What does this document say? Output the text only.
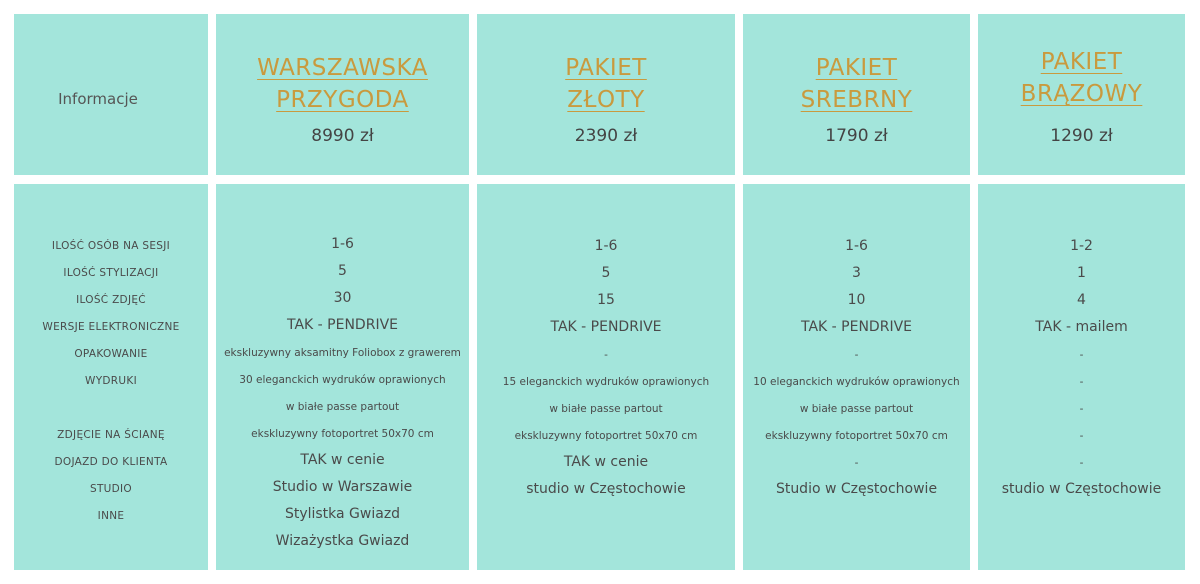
Informacje
WARSZAWSKA
PRZYGODA
8990 zł
PAKIET
ZŁOTY
2390 zł
PAKIET
SREBRNY
1790 zł
PAKIET
BRĄZOWY
1290 zł
ILOŚĆ OSÓB NA SESJI
ILOŚĆ STYLIZACJI
ILOŚĆ ZDJĘĆ
WERSJE ELEKTRONICZNE
OPAKOWANIE
WYDRUKI
ZDJĘCIE NA ŚCIANĘ
DOJAZD DO KLIENTA
STUDIO
INNE
1-6
5
30
TAK - PENDRIVE
ekskluzywny aksamitny Foliobox z grawerem
30 eleganckich wydruków oprawionych
w białe passe partout
ekskluzywny fotoportret 50x70 cm
TAK w cenie
Studio w Warszawie
Stylistka Gwiazd
Wizażystka Gwiazd
1-6
5
15
TAK - PENDRIVE
-
15 eleganckich wydruków oprawionych
w białe passe partout
ekskluzywny fotoportret 50x70 cm
TAK w cenie
studio w Częstochowie
1-6
3
10
TAK - PENDRIVE
-
10 eleganckich wydruków oprawionych
w białe passe partout
ekskluzywny fotoportret 50x70 cm
-
Studio w Częstochowie
1-2
1
4
TAK - mailem
-
-
-
-
-
studio w Częstochowie
